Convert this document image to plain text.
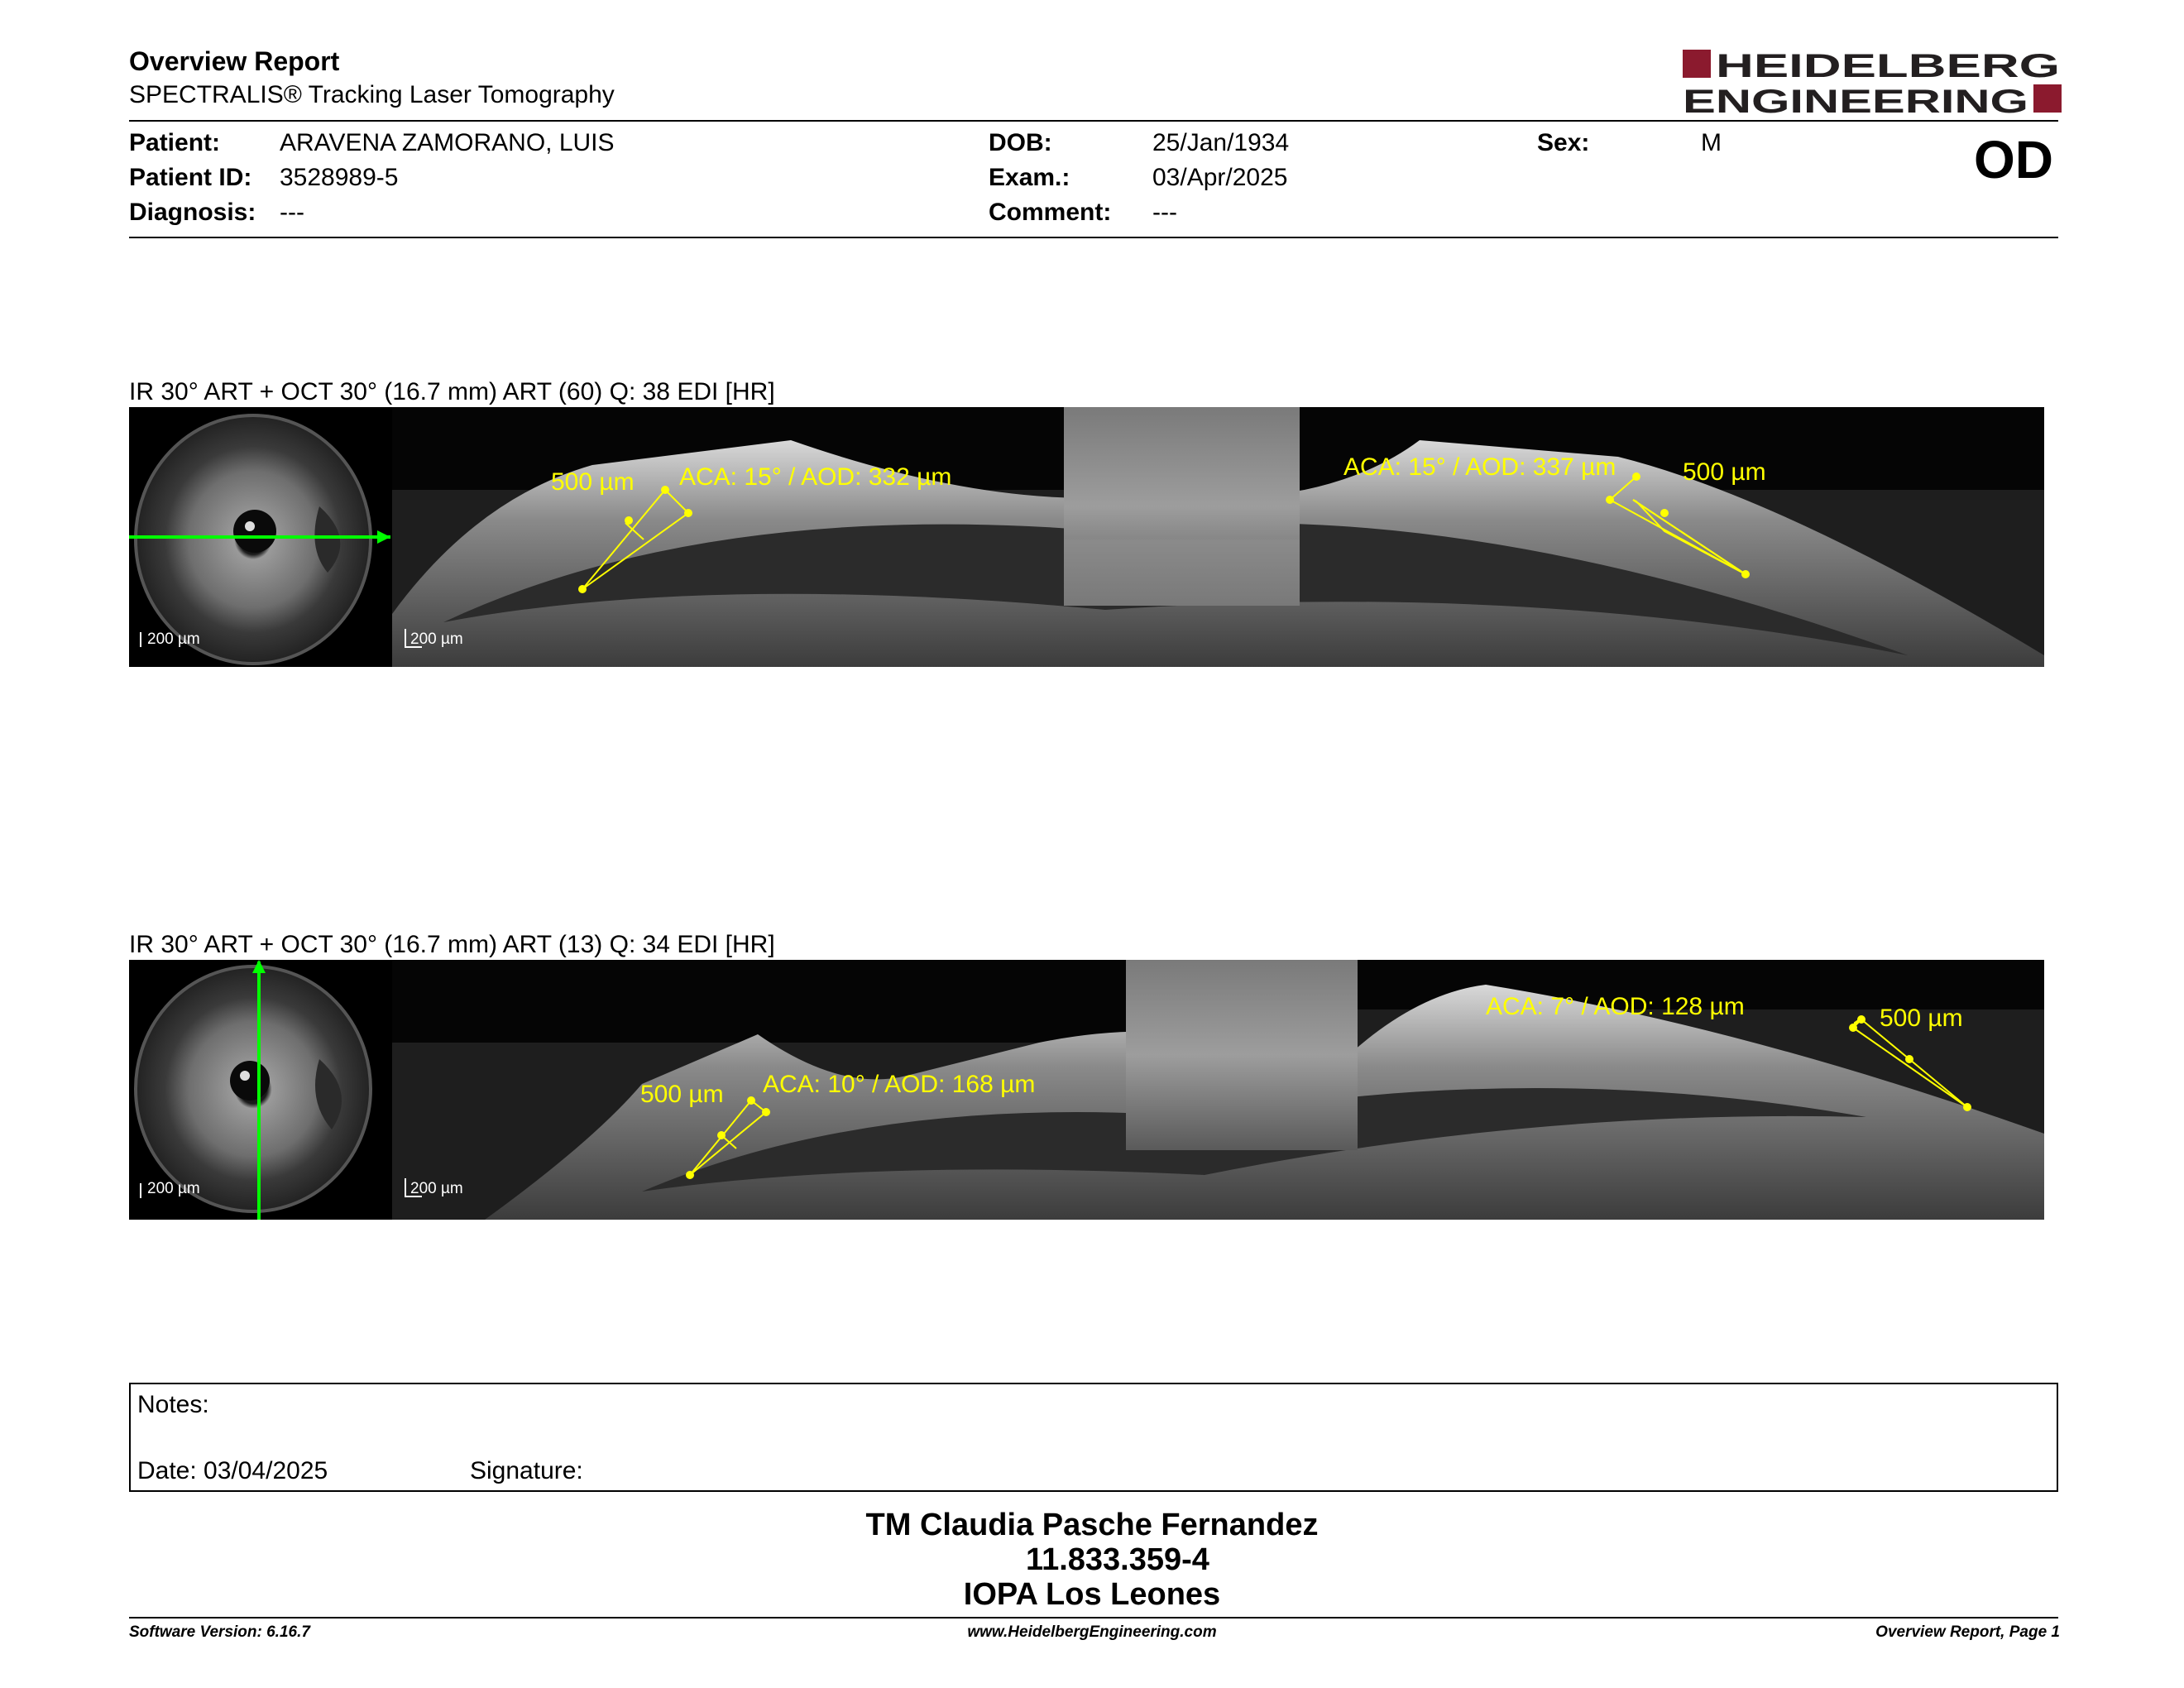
Overview Report
SPECTRALIS® Tracking Laser Tomography
HEIDELBERG
ENGINEERING
Patient: ARAVENA ZAMORANO, LUIS
Patient ID: 3528989-5
Diagnosis: ---
DOB:	25/Jan/1934
Exam.:	03/Apr/2025
Comment: ---
Sex:	M	OD
IR 30° ART + OCT 30° (16.7 mm) ART (60) Q: 38 EDI [HR]
200 µm	200 µm
500 µm ACA: 15° / AOD: 332 µm	ACA: 15° / AOD: 337 µm	500 µm
IR 30° ART + OCT 30° (16.7 mm) ART (13) Q: 34 EDI [HR]
200 µm	200 µm
500 µm ACA: 10° / AOD: 168 µm
ACA: 7° / AOD: 128 µm	500 µm
Notes:
Date: 03/04/2025	Signature:
TM Claudia Pasche Fernandez
11.833.359-4
IOPA Los Leones
Software Version: 6.16.7	www.HeidelbergEngineering.com	Overview Report, Page 1
